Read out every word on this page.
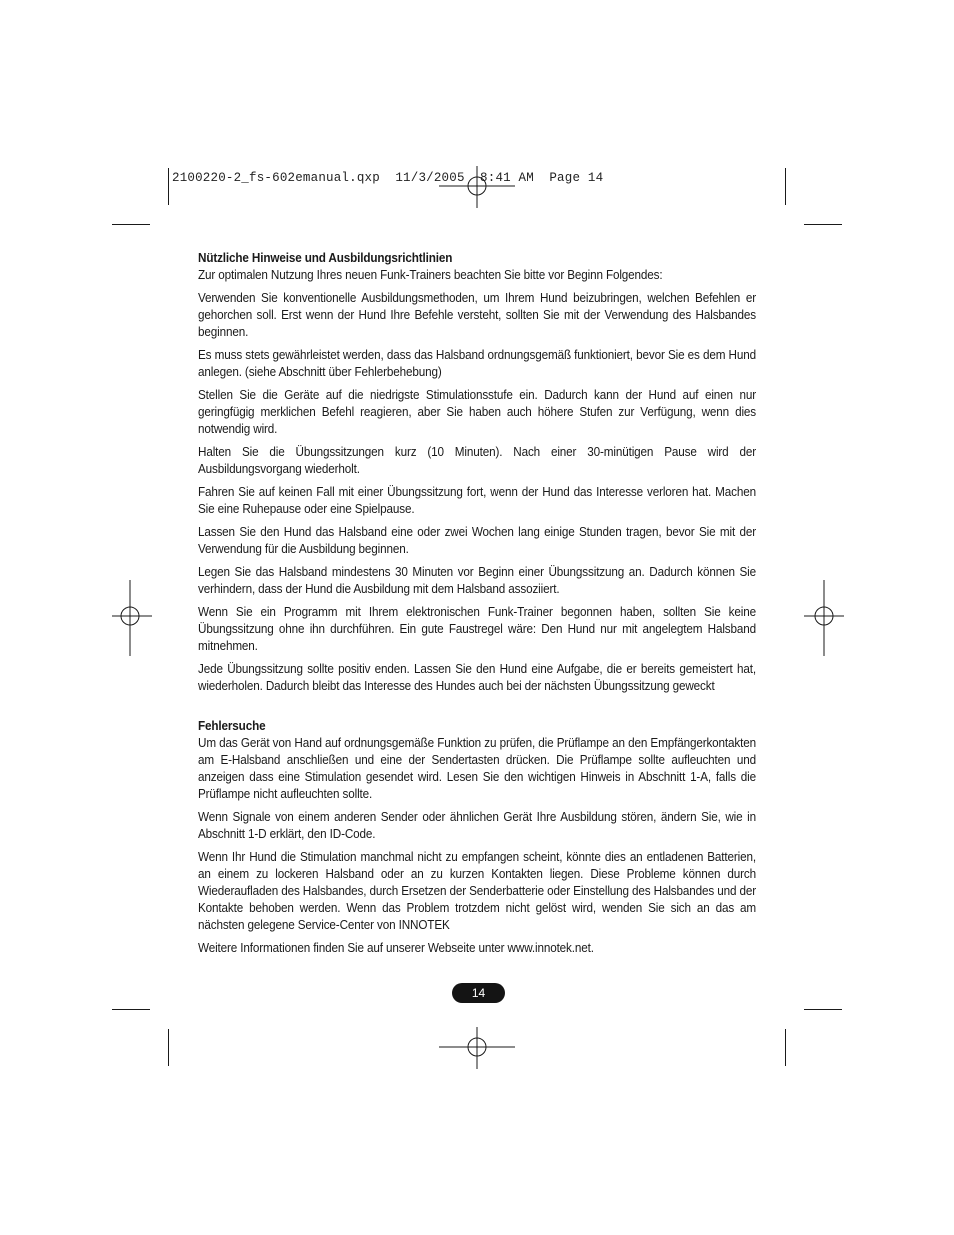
2100220-2_fs-602emanual.qxp  11/3/2005  8:41 AM  Page 14
Nützliche Hinweise und Ausbildungsrichtlinien

Zur optimalen Nutzung Ihres neuen Funk-Trainers beachten Sie bitte vor Beginn Folgendes:

Verwenden Sie konventionelle Ausbildungsmethoden, um Ihrem Hund beizubringen, welchen Befehlen er gehorchen soll. Erst wenn der Hund Ihre Befehle versteht, sollten Sie mit der Verwendung des Halsbandes beginnen.

Es muss stets gewährleistet werden, dass das Halsband ordnungsgemäß funktioniert, bevor Sie es dem Hund anlegen. (siehe Abschnitt über Fehlerbehebung)

Stellen Sie die Geräte auf die niedrigste Stimulationsstufe ein. Dadurch kann der Hund auf einen nur geringfügig merklichen Befehl reagieren, aber Sie haben auch höhere Stufen zur Verfügung, wenn dies notwendig wird.

Halten Sie die Übungssitzungen kurz (10 Minuten). Nach einer 30-minütigen Pause wird der Ausbildungsvorgang wiederholt.

Fahren Sie auf keinen Fall mit einer Übungssitzung fort, wenn der Hund das Interesse verloren hat. Machen Sie eine Ruhepause oder eine Spielpause.

Lassen Sie den Hund das Halsband eine oder zwei Wochen lang einige Stunden tragen, bevor Sie mit der Verwendung für die Ausbildung beginnen.

Legen Sie das Halsband mindestens 30 Minuten vor Beginn einer Übungssitzung an. Dadurch können Sie verhindern, dass der Hund die Ausbildung mit dem Halsband assoziiert.

Wenn Sie ein Programm mit Ihrem elektronischen Funk-Trainer begonnen haben, sollten Sie keine Übungssitzung ohne ihn durchführen. Ein gute Faustregel wäre: Den Hund nur mit angelegtem Halsband mitnehmen.

Jede Übungssitzung sollte positiv enden. Lassen Sie den Hund eine Aufgabe, die er bereits gemeistert hat, wiederholen. Dadurch bleibt das Interesse des Hundes auch bei der nächsten Übungssitzung geweckt

Fehlersuche

Um das Gerät von Hand auf ordnungsgemäße Funktion zu prüfen, die Prüflampe an den Empfängerkontakten am E-Halsband anschließen und eine der Sendertasten drücken. Die Prüflampe sollte aufleuchten und anzeigen dass eine Stimulation gesendet wird. Lesen Sie den wichtigen Hinweis in Abschnitt 1-A, falls die Prüflampe nicht aufleuchten sollte.

Wenn Signale von einem anderen Sender oder ähnlichen Gerät Ihre Ausbildung stören, ändern Sie, wie in Abschnitt 1-D erklärt, den ID-Code.

Wenn Ihr Hund die Stimulation manchmal nicht zu empfangen scheint, könnte dies an entladenen Batterien, an einem zu lockeren Halsband oder an zu kurzen Kontakten liegen. Diese Probleme können durch Wiederaufladen des Halsbandes, durch Ersetzen der Senderbatterie oder Einstellung des Halsbandes und der Kontakte behoben werden. Wenn das Problem trotzdem nicht gelöst wird, wenden Sie sich an das am nächsten gelegene Service-Center von INNOTEK

Weitere Informationen finden Sie auf unserer Webseite unter www.innotek.net.

14
